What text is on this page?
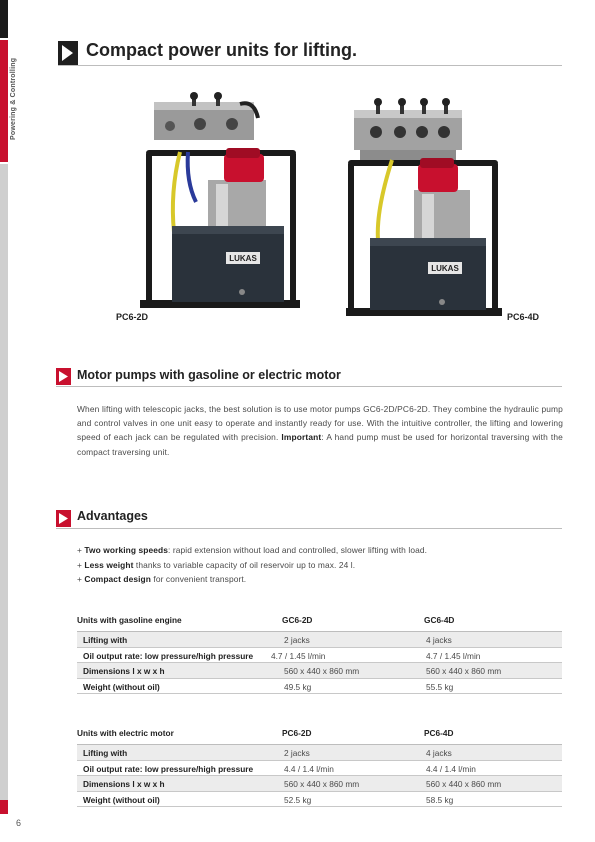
Powering & Controlling
6
Compact power units for lifting.
LUKAS
PC6-2D
LUKAS
PC6-4D
Motor pumps with gasoline or electric motor
When lifting with telescopic jacks, the best solution is to use motor pumps GC6-2D/PC6-2D. They combine the hydraulic pump and control valves in one unit easy to operate and instantly ready for use. With the intuitive controller, the lifting and lowering speed of each jack can be regulated with precision. Important: A hand pump must be used for horizontal traversing with the compact traversing unit.
Advantages
+ Two working speeds: rapid extension without load and controlled, slower lifting with load.
+ Less weight thanks to variable capacity of oil reservoir up to max. 24 l.
+ Compact design for convenient transport.
Units with gasoline engine	GC6-2D	GC6-4D
Lifting with	2 jacks	4 jacks
Oil output rate: low pressure/high pressure 4.7 / 1.45 l/min	4.7 / 1.45 l/min
Dimensions l x w x h	560 x 440 x 860 mm	560 x 440 x 860 mm
Weight (without oil)	49.5 kg	55.5 kg
Units with electric motor	PC6-2D	PC6-4D
Lifting with	2 jacks	4 jacks
Oil output rate: low pressure/high pressure	4.4 / 1.4 l/min	4.4 / 1.4 l/min
Dimensions l x w x h	560 x 440 x 860 mm	560 x 440 x 860 mm
Weight (without oil)	52.5 kg	58.5 kg
